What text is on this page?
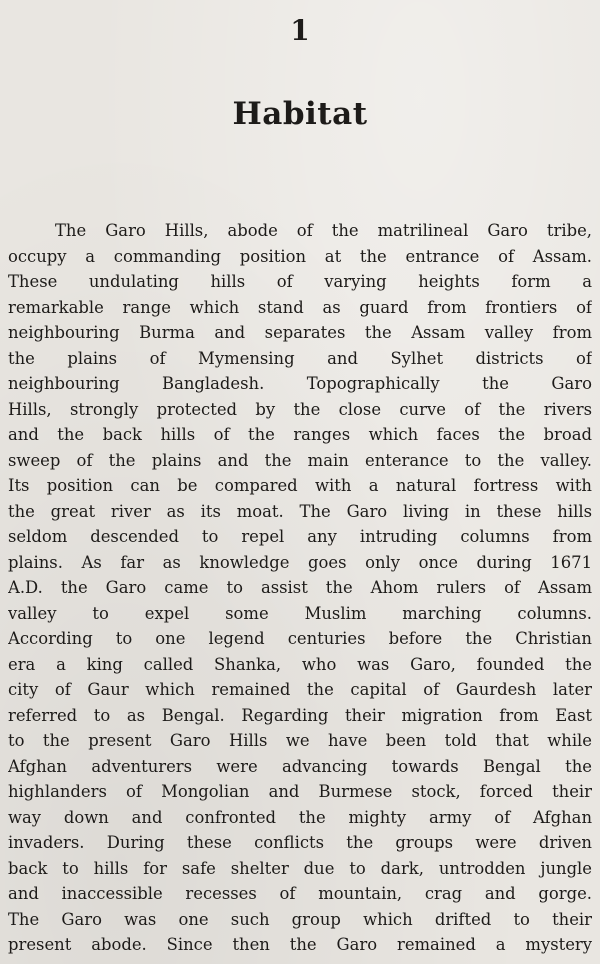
1
Habitat
The Garo Hills, abode of the matrilineal Garo tribe,
occupy a commanding position at the entrance of Assam.
These undulating hills of varying heights form a
remarkable range which stand as guard from frontiers of
neighbouring Burma and separates the Assam valley from
the plains of Mymensing and Sylhet districts of
neighbouring Bangladesh. Topographically the Garo
Hills, strongly protected by the close curve of the rivers
and the back hills of the ranges which faces the broad
sweep of the plains and the main enterance to the valley.
Its position can be compared with a natural fortress with
the great river as its moat. The Garo living in these hills
seldom descended to repel any intruding columns from
plains. As far as knowledge goes only once during 1671
A.D. the Garo came to assist the Ahom rulers of Assam
valley to expel some Muslim marching columns.
According to one legend centuries before the Christian
era a king called Shanka, who was Garo, founded the
city of Gaur which remained the capital of Gaurdesh later
referred to as Bengal. Regarding their migration from East
to the present Garo Hills we have been told that while
Afghan adventurers were advancing towards Bengal the
highlanders of Mongolian and Burmese stock, forced their
way down and confronted the mighty army of Afghan
invaders. During these conflicts the groups were driven
back to hills for safe shelter due to dark, untrodden jungle
and inaccessible recesses of mountain, crag and gorge.
The Garo was one such group which drifted to their
present abode. Since then the Garo remained a mystery
